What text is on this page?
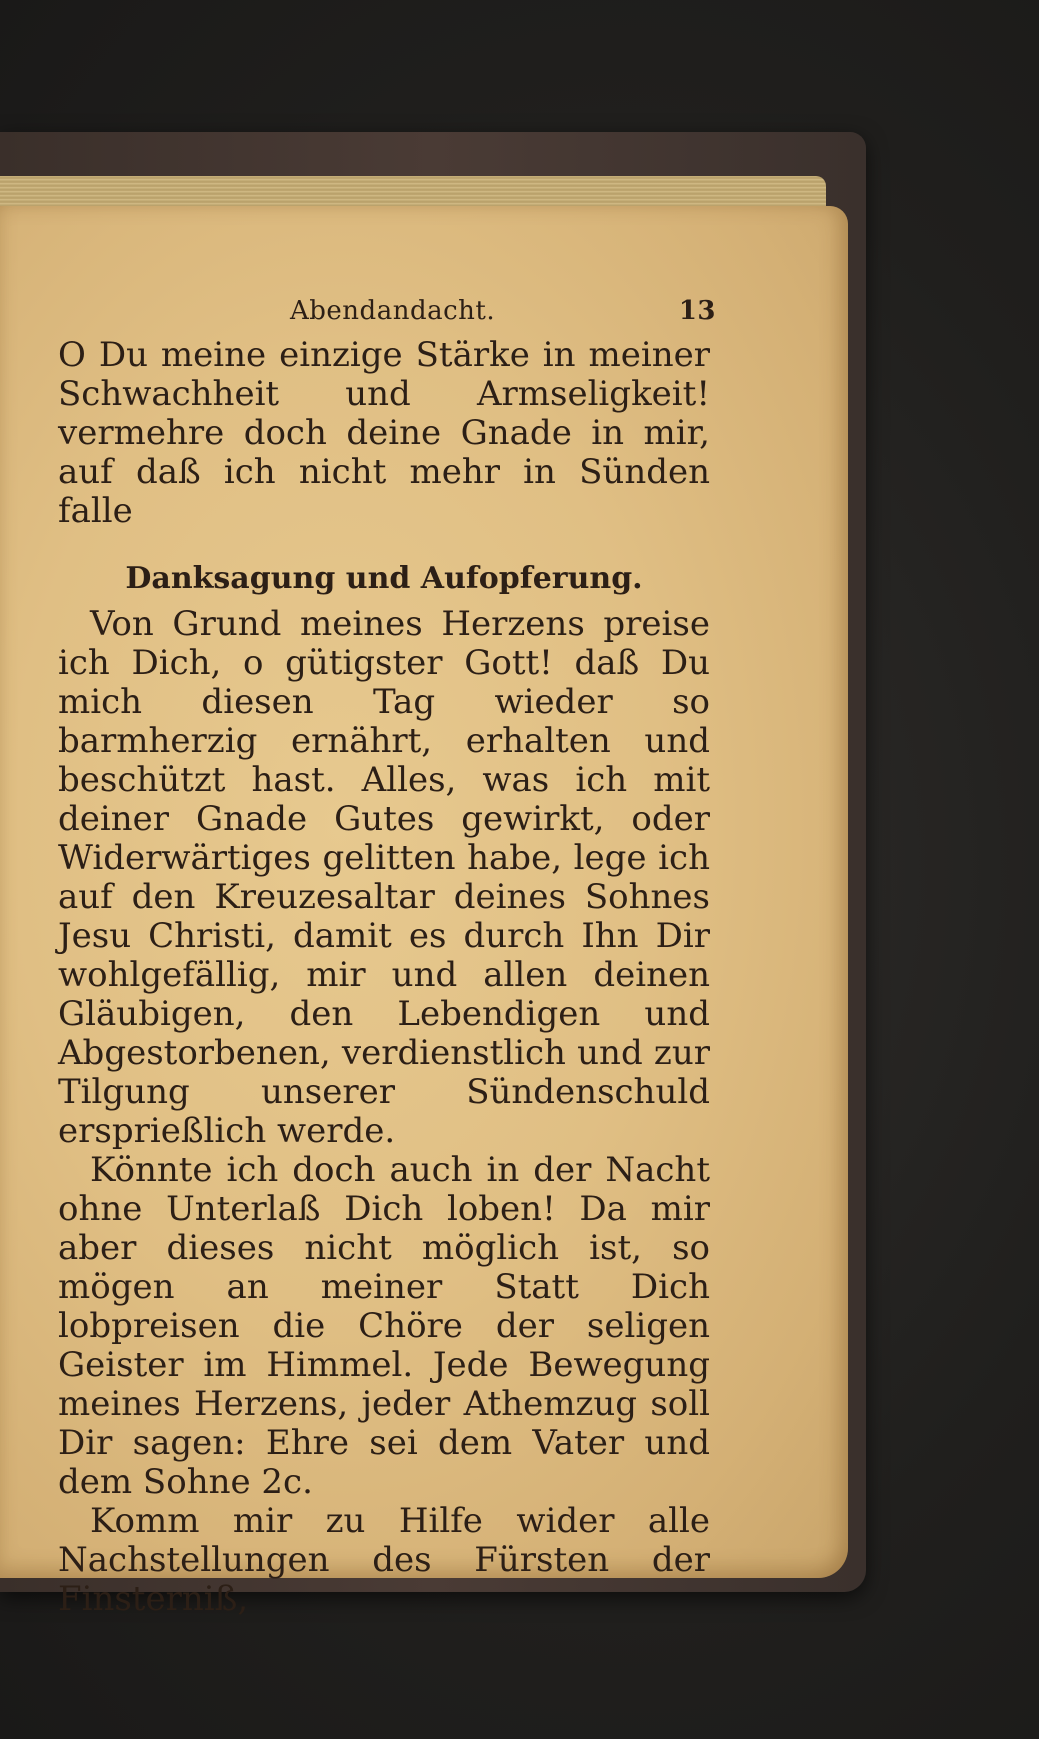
Abendandacht.	13

O Du meine einzige Stärke in meiner Schwachheit und Armseligkeit! vermehre doch deine Gnade in mir, auf daß ich nicht mehr in Sünden falle

Danksagung und Aufopferung.

Von Grund meines Herzens preise ich Dich, o gütigster Gott! daß Du mich diesen Tag wieder so barmherzig ernährt, erhalten und beschützt hast. Alles, was ich mit deiner Gnade Gutes gewirkt, oder Widerwärtiges gelitten habe, lege ich auf den Kreuzesaltar deines Sohnes Jesu Christi, damit es durch Ihn Dir wohlgefällig, mir und allen deinen Gläubigen, den Lebendigen und Abgestorbenen, verdienstlich und zur Tilgung unserer Sündenschuld ersprießlich werde.

Könnte ich doch auch in der Nacht ohne Unterlaß Dich loben! Da mir aber dieses nicht möglich ist, so mögen an meiner Statt Dich lobpreisen die Chöre der seligen Geister im Himmel. Jede Bewegung meines Herzens, jeder Athemzug soll Dir sagen: Ehre sei dem Vater und dem Sohne 2c.

Komm mir zu Hilfe wider alle Nachstellungen des Fürsten der Finsterniß,
